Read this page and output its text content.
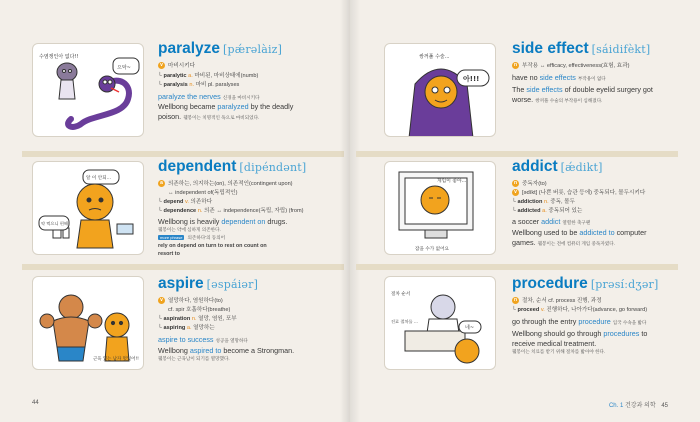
수염쟁인아 없다!!
으악~
paralyze [pǽrəlàiz]
v 마비시키다
└ paralytic a. 마비된, 마비상태에(numb)
└ paralysis n. 마비 pl. paralyses
paralyze the nerves 신경을 마비시키다
Wellbong became paralyzed by the deadly
poison. 웰봉이는 치명적인 독으로 마비되었다.
알 이 안되...
약 먹으니 편해
dependent [dipéndənt]
a 의존하는, 의지하는(on), 의존적인(contingent upon)
↔ independent of(독립적인)
└ depend v. 의존하다
└ dependence n. 의존 ↔ independence(독립, 자립) (from)
Wellbong is heavily dependent on drugs.
웰봉이는 약에 심하게 의존한다.
more phrase 의존하다'의 동의어
rely on depend on turn to rest on count on
resort to
근육 있는 남자 멋있어!!
aspire [əspáiər]
v 열망하다, 염원하다(to)
cf. spir 호흡하다(breathe)
└ aspiration n. 열망, 염원, 포부
└ aspiring a. 열망하는
aspire to success 성공을 열망하다
Wellbong aspired to become a Strongman.
웰봉이는 근육남이 되기를 열망했다.
44
쌍꺼풀 수술...
아!!!
side effect [sáidifèkt]
n 부작용 ↔ efficacy, effectiveness(효험, 효과)
have no side effects 부작용이 없다
The side effects of double eyelid surgery got
worse. 쌍꺼풀 수술의 부작용이 심해졌다.
게임이 좋아...
잠을 수가 없어요
addict [ǽdikt]
n 중독자(to)
v [ədíkt] (나쁜 버릇, 습관 등에) 중독되다, 몰두시키다
└ addiction n. 중독, 몰두
└ addicted a. 중독되어 있는
a soccer addict 열렬한 축구팬
Wellbong used to be addicted to computer
games. 웰봉이는 전에 컴퓨터 게임 중독자였다.
절차 순서
진료 절차를 ...
네~
procedure [prəsíːdʒər]
n 절차, 순서 cf. process 진행, 과정
└ proceed v. 진행하다, 나아가다(advance, go forward)
go through the entry procedure 입국 수속을 밟다
Wellbong should go through procedures to
receive medical treatment.
웰봉이는 치료를 받기 위해 절차를 밟아야 한다.
Ch. 1 건강과 의학 45
